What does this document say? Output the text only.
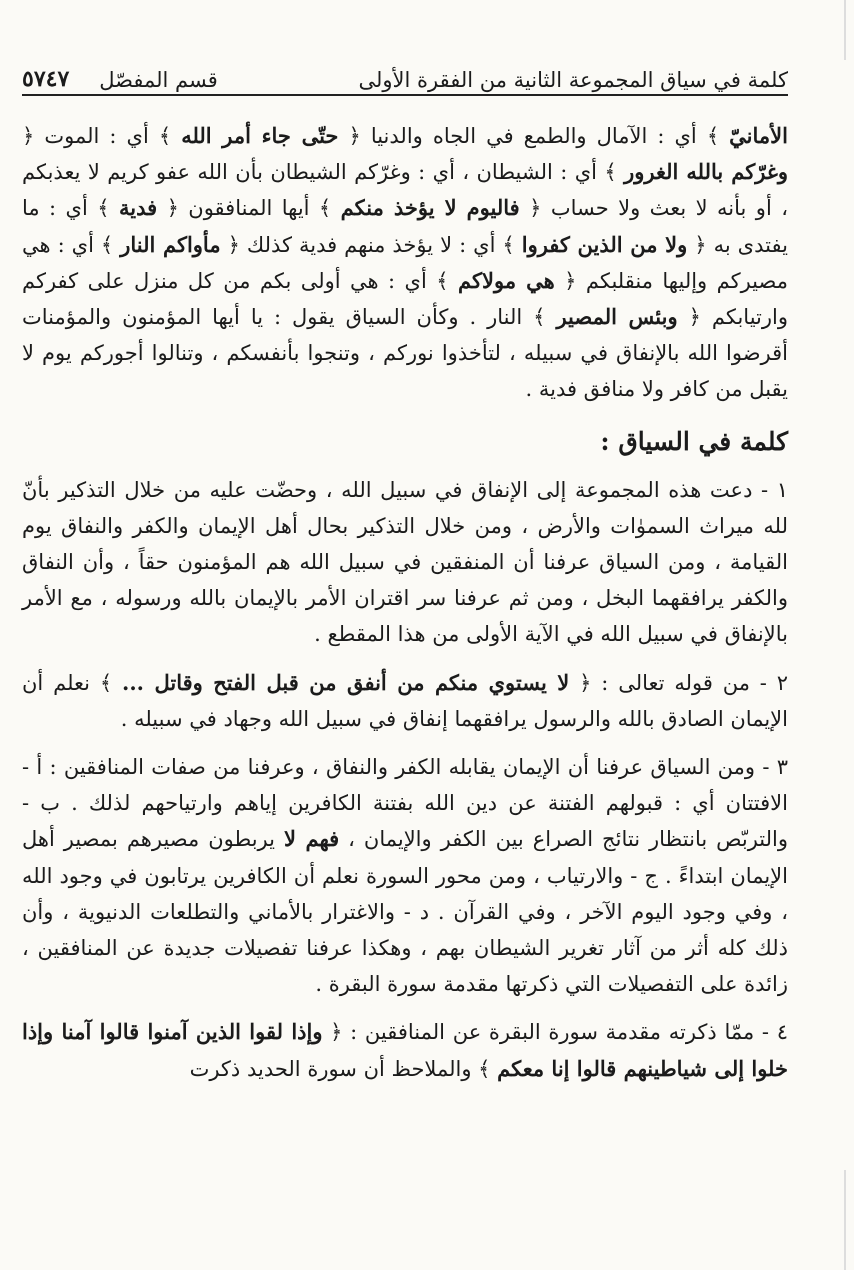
كلمة في سياق المجموعة الثانية من الفقرة الأولى
قسم المفصّل
٥٧٤٧

الأمانيّ ﴾ أي : الآمال والطمع في الجاه والدنيا ﴿ حتّى جاء أمر الله ﴾ أي : الموت ﴿ وغرّكم بالله الغرور ﴾ أي : الشيطان ، أي : وغرّكم الشيطان بأن الله عفو كريم لا يعذبكم ، أو بأنه لا بعث ولا حساب ﴿ فاليوم لا يؤخذ منكم ﴾ أيها المنافقون ﴿ فدية ﴾ أي : ما يفتدى به ﴿ ولا من الذين كفروا ﴾ أي : لا يؤخذ منهم فدية كذلك ﴿ مأواكم النار ﴾ أي : هي مصيركم وإليها منقلبكم ﴿ هي مولاكم ﴾ أي : هي أولى بكم من كل منزل على كفركم وارتيابكم ﴿ وبئس المصير ﴾ النار . وكأن السياق يقول : يا أيها المؤمنون والمؤمنات أقرضوا الله بالإنفاق في سبيله ، لتأخذوا نوركم ، وتنجوا بأنفسكم ، وتنالوا أجوركم يوم لا يقبل من كافر ولا منافق فدية .

كلمة في السياق :

١ - دعت هذه المجموعة إلى الإنفاق في سبيل الله ، وحضّت عليه من خلال التذكير بأنّ لله ميراث السموٰات والأرض ، ومن خلال التذكير بحال أهل الإيمان والكفر والنفاق يوم القيامة ، ومن السياق عرفنا أن المنفقين في سبيل الله هم المؤمنون حقاً ، وأن النفاق والكفر يرافقهما البخل ، ومن ثم عرفنا سر اقتران الأمر بالإيمان بالله ورسوله ، مع الأمر بالإنفاق في سبيل الله في الآية الأولى من هذا المقطع .

٢ - من قوله تعالى : ﴿ لا يستوي منكم من أنفق من قبل الفتح وقاتل ... ﴾ نعلم أن الإيمان الصادق بالله والرسول يرافقهما إنفاق في سبيل الله وجهاد في سبيله .

٣ - ومن السياق عرفنا أن الإيمان يقابله الكفر والنفاق ، وعرفنا من صفات المنافقين : أ - الافتتان أي : قبولهم الفتنة عن دين الله بفتنة الكافرين إياهم وارتياحهم لذلك . ب - والتربّص بانتظار نتائج الصراع بين الكفر والإيمان ، فهم لا يربطون مصيرهم بمصير أهل الإيمان ابتداءً . ج - والارتياب ، ومن محور السورة نعلم أن الكافرين يرتابون في وجود الله ، وفي وجود اليوم الآخر ، وفي القرآن . د - والاغترار بالأماني والتطلعات الدنيوية ، وأن ذلك كله أثر من آثار تغرير الشيطان بهم ، وهكذا عرفنا تفصيلات جديدة عن المنافقين ، زائدة على التفصيلات التي ذكرتها مقدمة سورة البقرة .

٤ - ممّا ذكرته مقدمة سورة البقرة عن المنافقين : ﴿ وإذا لقوا الذين آمنوا قالوا آمنا وإذا خلوا إلى شياطينهم قالوا إنا معكم ﴾ والملاحظ أن سورة الحديد ذكرت
